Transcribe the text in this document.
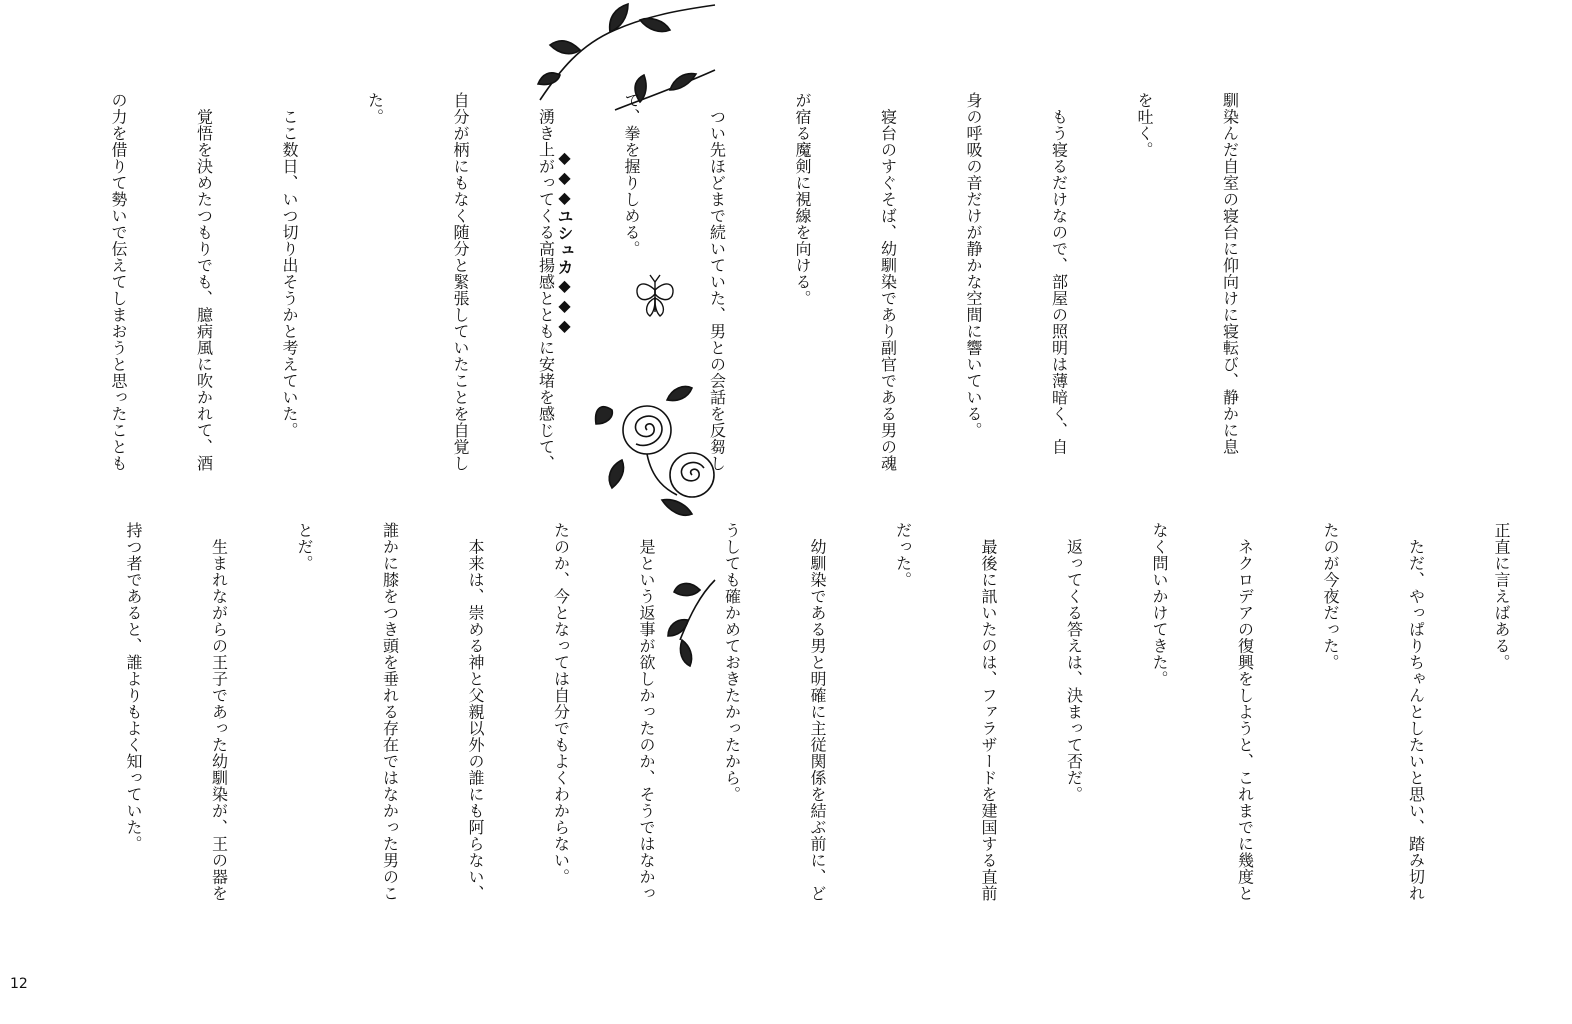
◆◆◆ユシュカ◆◆◆

	馴染んだ自室の寝台に仰向けに寝転び、静かに息

を吐く。

　もう寝るだけなので、部屋の照明は薄暗く、自

身の呼吸の音だけが静かな空間に響いている。

　寝台のすぐそば、幼馴染であり副官である男の魂

が宿る魔剣に視線を向ける。

　つい先ほどまで続いていた、男との会話を反芻し

て、拳を握りしめる。

　湧き上がってくる高揚感とともに安堵を感じて、

自分が柄にもなく随分と緊張していたことを自覚し

た。

　ここ数日、いつ切り出そうかと考えていた。

　覚悟を決めたつもりでも、臆病風に吹かれて、酒

の力を借りて勢いで伝えてしまおうと思ったことも

正直に言えばある。

　ただ、やっぱりちゃんとしたいと思い、踏み切れ

たのが今夜だった。

　ネクロデアの復興をしようと、これまでに幾度と

なく問いかけてきた。

　返ってくる答えは、決まって否だ。

　最後に訊いたのは、ファラザードを建国する直前

だった。

　幼馴染である男と明確に主従関係を結ぶ前に、ど

うしても確かめておきたかったから。

　是という返事が欲しかったのか、そうではなかっ

たのか、今となっては自分でもよくわからない。

　本来は、崇める神と父親以外の誰にも阿らない、

誰かに膝をつき頭を垂れる存在ではなかった男のこ

とだ。

　生まれながらの王子であった幼馴染が、王の器を

持つ者であると、誰よりもよく知っていた。

12
